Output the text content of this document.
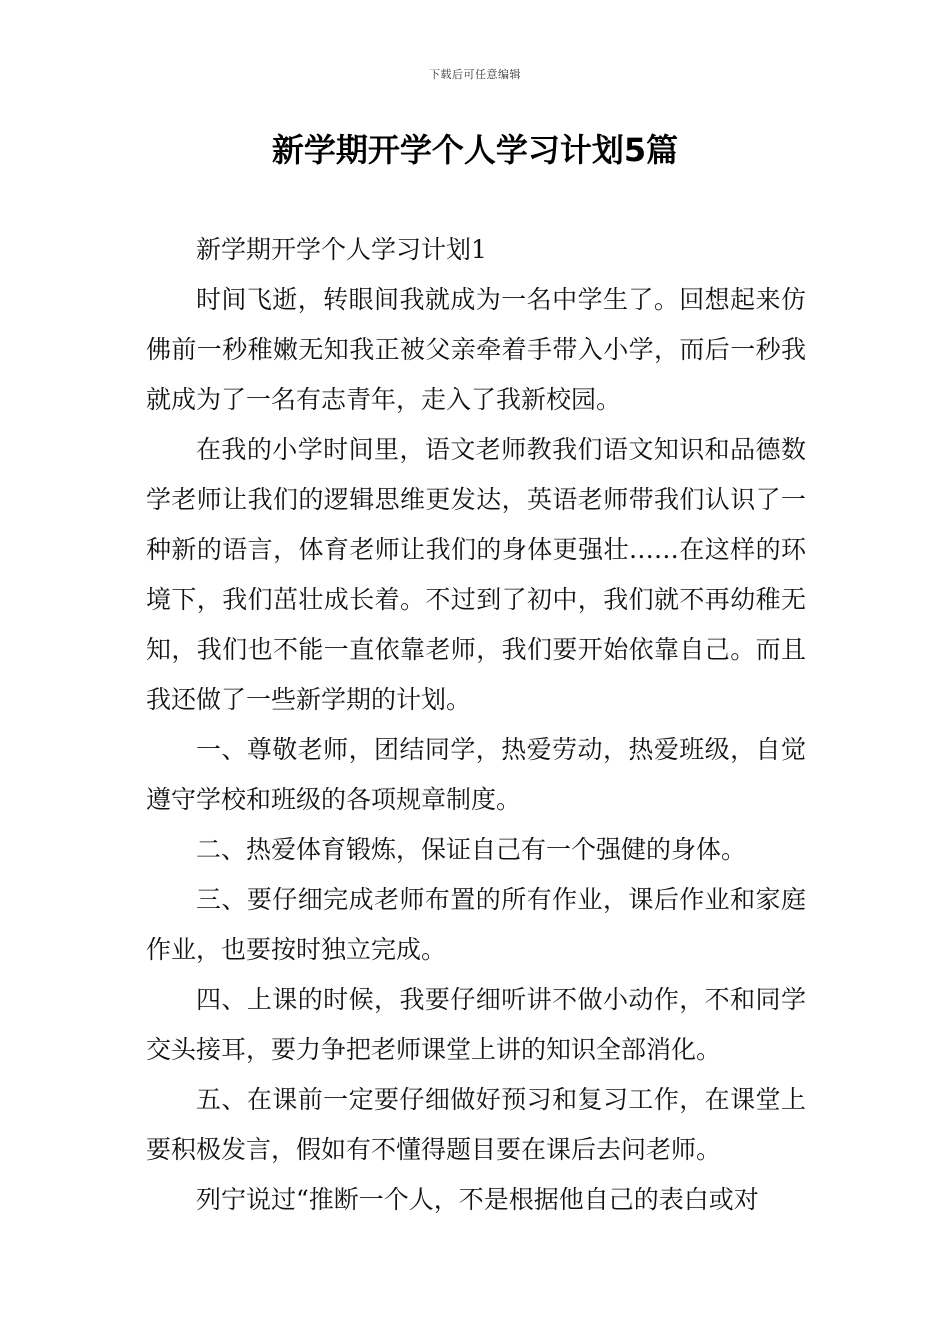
下载后可任意编辑
新学期开学个人学习计划5篇

新学期开学个人学习计划1

时间飞逝，转眼间我就成为一名中学生了。回想起来仿佛前一秒稚嫩无知我正被父亲牵着手带入小学，而后一秒我就成为了一名有志青年，走入了我新校园。

在我的小学时间里，语文老师教我们语文知识和品德数学老师让我们的逻辑思维更发达，英语老师带我们认识了一种新的语言，体育老师让我们的身体更强壮……在这样的环境下，我们茁壮成长着。不过到了初中，我们就不再幼稚无知，我们也不能一直依靠老师，我们要开始依靠自己。而且我还做了一些新学期的计划。

一、尊敬老师，团结同学，热爱劳动，热爱班级，自觉遵守学校和班级的各项规章制度。

二、热爱体育锻炼，保证自己有一个强健的身体。

三、要仔细完成老师布置的所有作业，课后作业和家庭作业，也要按时独立完成。

四、上课的时候，我要仔细听讲不做小动作，不和同学交头接耳，要力争把老师课堂上讲的知识全部消化。

五、在课前一定要仔细做好预习和复习工作，在课堂上要积极发言，假如有不懂得题目要在课后去问老师。

列宁说过“推断一个人，不是根据他自己的表白或对
